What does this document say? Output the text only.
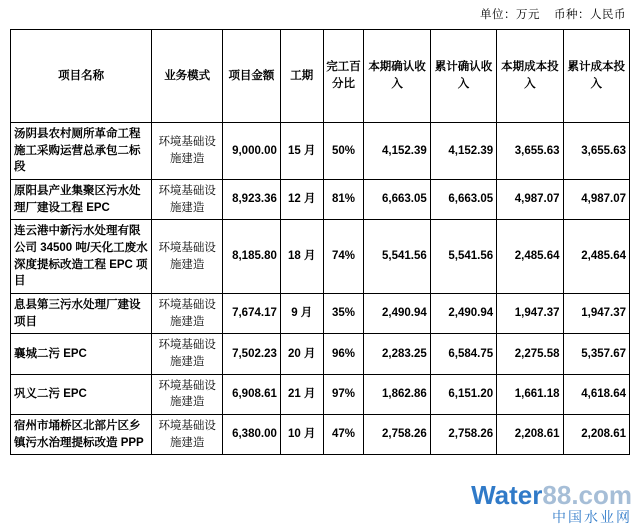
单位：万元 币种：人民币
项目名称	业务模式	项目金额	工期	完工百分比	本期确认收入	累计确认收入	本期成本投入	累计成本投入
汤阴县农村厕所革命工程施工采购运营总承包二标段	环境基础设施建造	9,000.00	15 月	50%	4,152.39	4,152.39	3,655.63	3,655.63
原阳县产业集聚区污水处理厂建设工程 EPC	环境基础设施建造	8,923.36	12 月	81%	6,663.05	6,663.05	4,987.07	4,987.07
连云港中新污水处理有限公司 34500 吨/天化工废水深度提标改造工程 EPC 项目	环境基础设施建造	8,185.80	18 月	74%	5,541.56	5,541.56	2,485.64	2,485.64
息县第三污水处理厂建设项目	环境基础设施建造	7,674.17	9 月	35%	2,490.94	2,490.94	1,947.37	1,947.37
襄城二污 EPC	环境基础设施建造	7,502.23	20 月	96%	2,283.25	6,584.75	2,275.58	5,357.67
巩义二污 EPC	环境基础设施建造	6,908.61	21 月	97%	1,862.86	6,151.20	1,661.18	4,618.64
宿州市埇桥区北部片区乡镇污水治理提标改造 PPP	环境基础设施建造	6,380.00	10 月	47%	2,758.26	2,758.26	2,208.61	2,208.61
Water88.com
中国水业网
